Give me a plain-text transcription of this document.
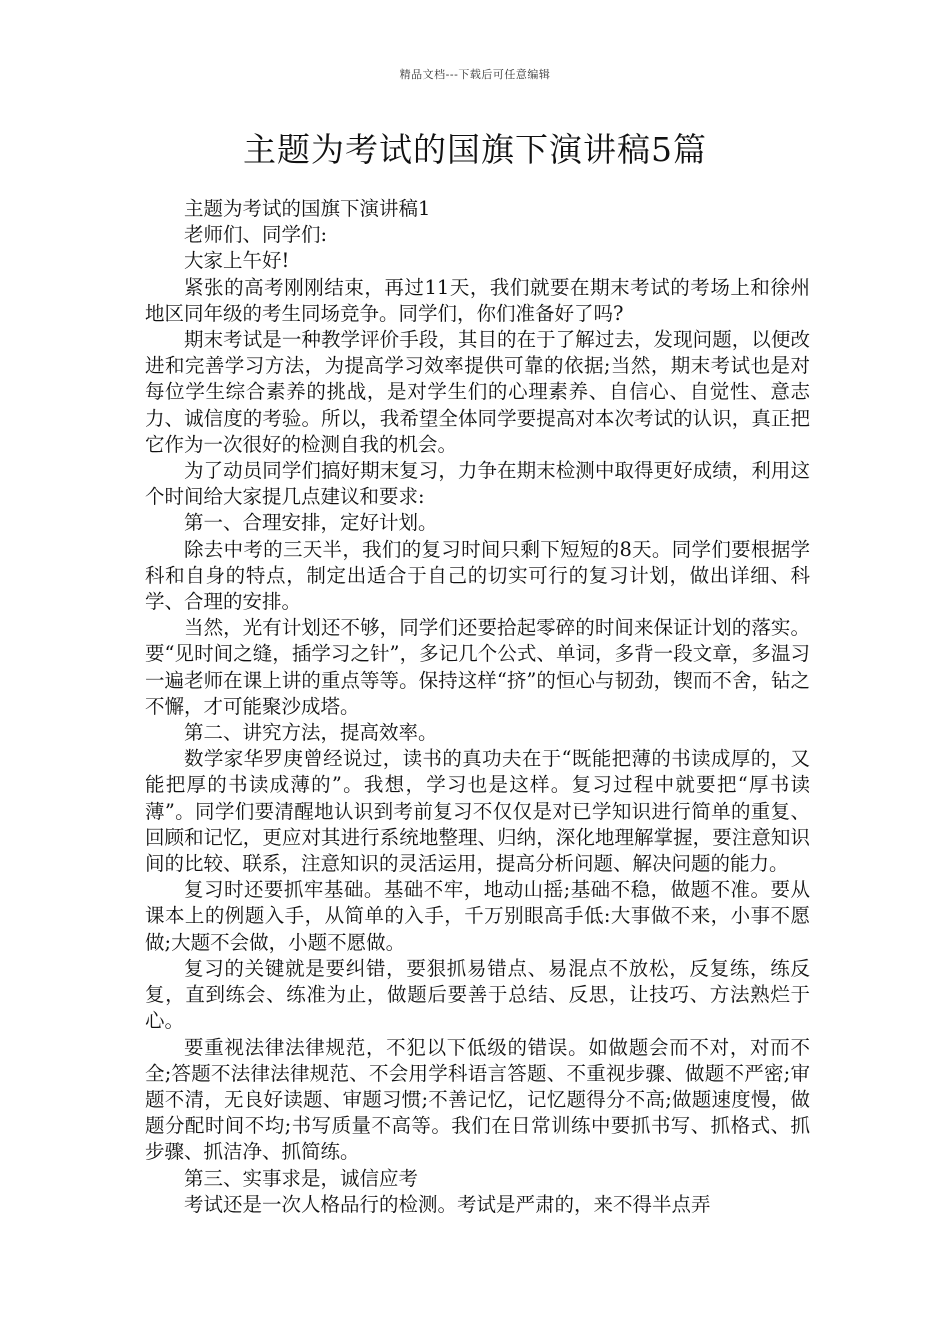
精品文档---下载后可任意编辑
主题为考试的国旗下演讲稿5篇

主题为考试的国旗下演讲稿1

老师们、同学们:

大家上午好!

紧张的高考刚刚结束，再过11天，我们就要在期末考试的考场上和徐州地区同年级的考生同场竞争。同学们，你们准备好了吗?

期末考试是一种教学评价手段，其目的在于了解过去，发现问题，以便改进和完善学习方法，为提高学习效率提供可靠的依据;当然，期末考试也是对每位学生综合素养的挑战，是对学生们的心理素养、自信心、自觉性、意志力、诚信度的考验。所以，我希望全体同学要提高对本次考试的认识，真正把它作为一次很好的检测自我的机会。

为了动员同学们搞好期末复习，力争在期末检测中取得更好成绩，利用这个时间给大家提几点建议和要求:

第一、合理安排，定好计划。

除去中考的三天半，我们的复习时间只剩下短短的8天。同学们要根据学科和自身的特点，制定出适合于自己的切实可行的复习计划，做出详细、科学、合理的安排。

当然，光有计划还不够，同学们还要拾起零碎的时间来保证计划的落实。要“见时间之缝，插学习之针”，多记几个公式、单词，多背一段文章，多温习一遍老师在课上讲的重点等等。保持这样“挤”的恒心与韧劲，锲而不舍，钻之不懈，才可能聚沙成塔。

第二、讲究方法，提高效率。

数学家华罗庚曾经说过，读书的真功夫在于“既能把薄的书读成厚的，又能把厚的书读成薄的”。我想，学习也是这样。复习过程中就要把“厚书读薄”。同学们要清醒地认识到考前复习不仅仅是对已学知识进行简单的重复、回顾和记忆，更应对其进行系统地整理、归纳，深化地理解掌握，要注意知识间的比较、联系，注意知识的灵活运用，提高分析问题、解决问题的能力。

复习时还要抓牢基础。基础不牢，地动山摇;基础不稳，做题不准。要从课本上的例题入手，从简单的入手，千万别眼高手低:大事做不来，小事不愿做;大题不会做，小题不愿做。

复习的关键就是要纠错，要狠抓易错点、易混点不放松，反复练，练反复，直到练会、练准为止，做题后要善于总结、反思，让技巧、方法熟烂于心。

要重视法律法律规范，不犯以下低级的错误。如做题会而不对，对而不全;答题不法律法律规范、不会用学科语言答题、不重视步骤、做题不严密;审题不清，无良好读题、审题习惯;不善记忆，记忆题得分不高;做题速度慢，做题分配时间不均;书写质量不高等。我们在日常训练中要抓书写、抓格式、抓步骤、抓洁净、抓简练。

第三、实事求是，诚信应考

考试还是一次人格品行的检测。考试是严肃的，来不得半点弄
